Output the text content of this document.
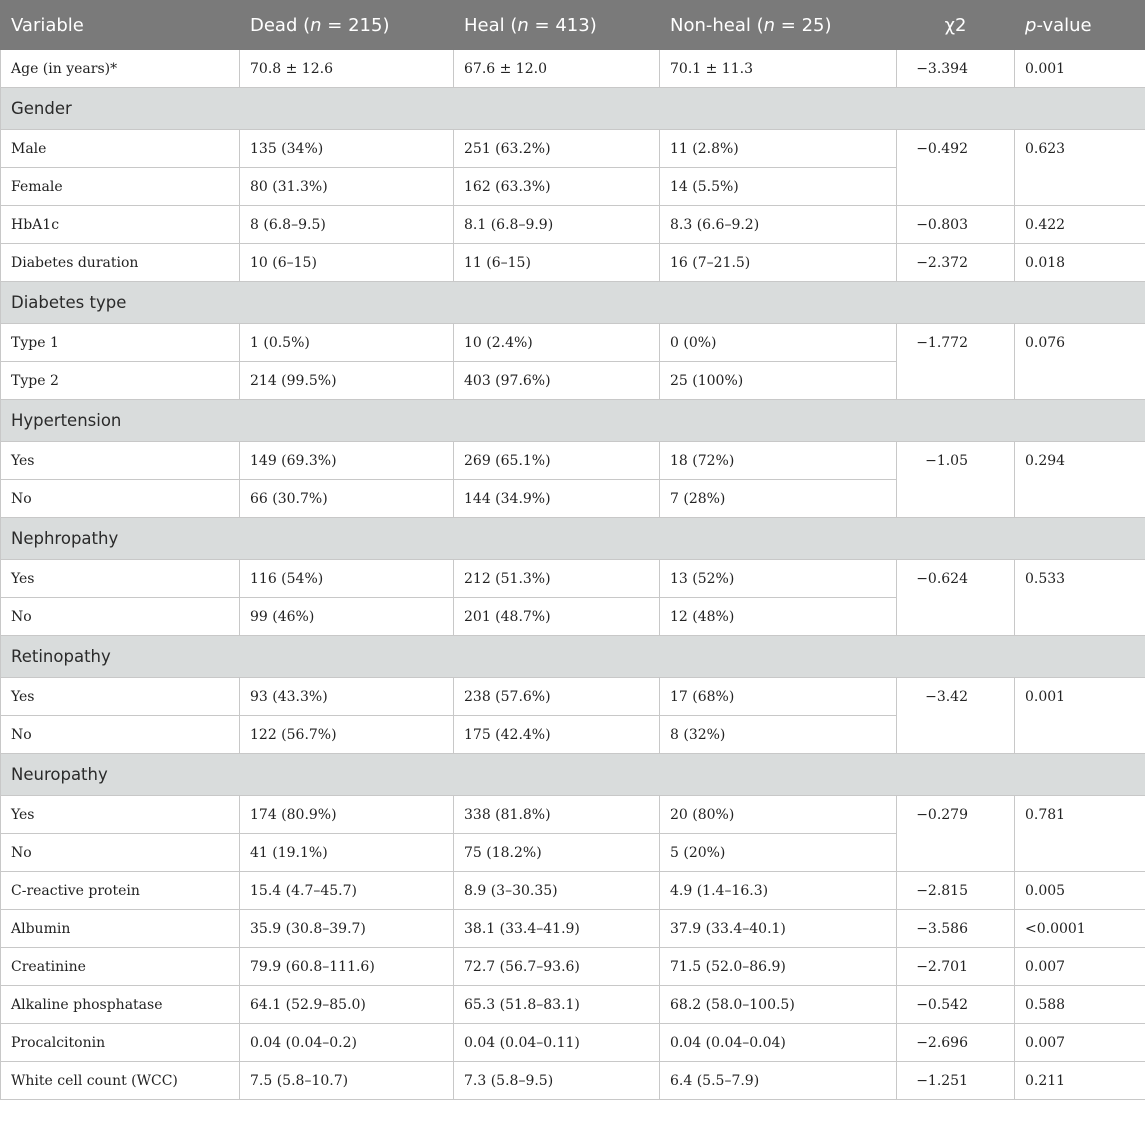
Variable	Dead (n = 215)	Heal (n = 413)	Non-heal (n = 25)	χ2	p-value
Age (in years)*	70.8 ± 12.6	67.6 ± 12.0	70.1 ± 11.3	−3.394	0.001
Gender					
Male	135 (34%)	251 (63.2%)	11 (2.8%)	−0.492	0.623
Female	80 (31.3%)	162 (63.3%)	14 (5.5%)		
HbA1c	8 (6.8–9.5)	8.1 (6.8–9.9)	8.3 (6.6–9.2)	−0.803	0.422
Diabetes duration	10 (6–15)	11 (6–15)	16 (7–21.5)	−2.372	0.018
Diabetes type					
Type 1	1 (0.5%)	10 (2.4%)	0 (0%)	−1.772	0.076
Type 2	214 (99.5%)	403 (97.6%)	25 (100%)		
Hypertension					
Yes	149 (69.3%)	269 (65.1%)	18 (72%)	−1.05	0.294
No	66 (30.7%)	144 (34.9%)	7 (28%)		
Nephropathy					
Yes	116 (54%)	212 (51.3%)	13 (52%)	−0.624	0.533
No	99 (46%)	201 (48.7%)	12 (48%)		
Retinopathy					
Yes	93 (43.3%)	238 (57.6%)	17 (68%)	−3.42	0.001
No	122 (56.7%)	175 (42.4%)	8 (32%)		
Neuropathy					
Yes	174 (80.9%)	338 (81.8%)	20 (80%)	−0.279	0.781
No	41 (19.1%)	75 (18.2%)	5 (20%)		
C-reactive protein	15.4 (4.7–45.7)	8.9 (3–30.35)	4.9 (1.4–16.3)	−2.815	0.005
Albumin	35.9 (30.8–39.7)	38.1 (33.4–41.9)	37.9 (33.4–40.1)	−3.586	<0.0001
Creatinine	79.9 (60.8–111.6)	72.7 (56.7–93.6)	71.5 (52.0–86.9)	−2.701	0.007
Alkaline phosphatase	64.1 (52.9–85.0)	65.3 (51.8–83.1)	68.2 (58.0–100.5)	−0.542	0.588
Procalcitonin	0.04 (0.04–0.2)	0.04 (0.04–0.11)	0.04 (0.04–0.04)	−2.696	0.007
White cell count (WCC)	7.5 (5.8–10.7)	7.3 (5.8–9.5)	6.4 (5.5–7.9)	−1.251	0.211
